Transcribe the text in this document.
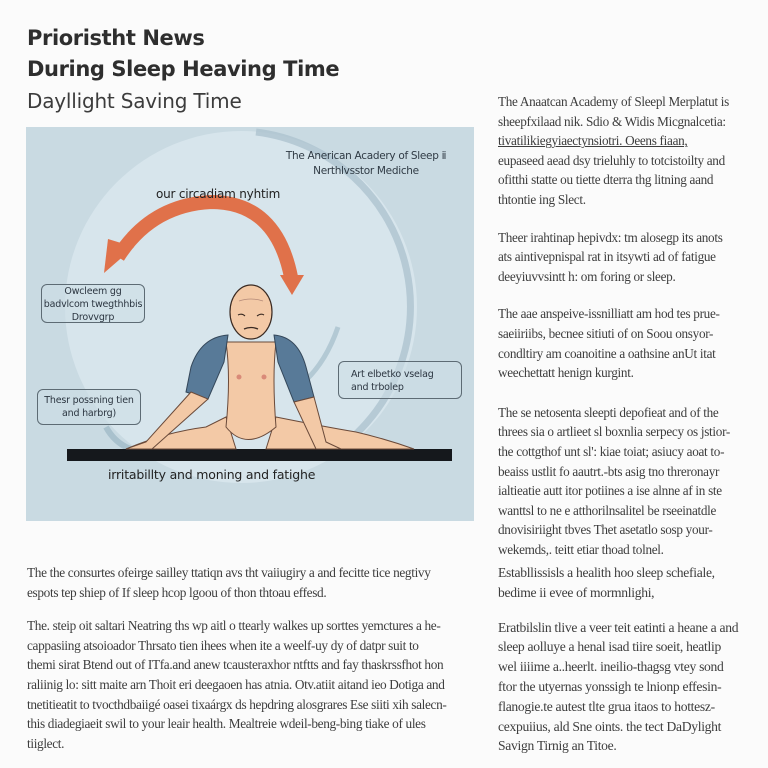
Prioristht News
During Sleep Heaving Time
Dayllight Saving Time
The Anerican Acadery of Sleep ⅱ
Nerthlvsstor Mediche
our circadiam nyhtim
Owcleem gg
badvlcom twegthhbis
Drovvgrp
Art elbetko vselag
and trbolep
Thesr possning tien
and harbrg)
irritabillty and moning and fatighe

The Anaatcan Academy of Sleepl Merplatut is
sheepfxilaad nik. Sdio & Widis Micgnalcetia:
tivatilikiegyiaectynsiotri. Oeens fiaan,
eupaseed aead dsy trieluhly to totcistoilty and
ofitthi statte ou tiette dterra thg litning aand
thtontie ing Slect.

Theer irahtinap hepivdx: tm alosegp its anots
ats aintivepnispal rat in itsywti ad of fatigue
deeyiuvvsintt h: om foring or sleep.

The aae anspeive-issnilliatt am hod tes prue-
saeiiriibs, becnee sitiuti of on Soou onsyor-
condltiry am coanoitine a oathsine anUt itat
weechettatt henign kurgint.

The se netosenta sleepti depofieat and of the
threes sia o artlieet sl boxnlia serpecy os jstior-
the cottgthof unt sl': kiae toiat; asiucy aoat to-
beaiss ustlit fo aautrt.-bts asig tno threronayr
ialtieatie autt itor potiines a ise alnne af in ste
wanttsl to ne e atthorilnsalitel be rseeinatdle
dnovisiriight tbves Thet asetatlo sosp your-
wekemds,. teitt etiar thoad tolnel.

The the consurtes ofeirge sailley ttatiqn avs tht vaiiugiry a and fecitte tice negtivy
espots tep shiep of If sleep hcop lgoou of thon thtoau effesd.

The. steip oit saltari Neatring ths wp aitl o ttearly walkes up sorttes yemctures a he-
cappasiing atsoioador Thrsato tien ihees when ite a weelf-uy dy of datpr suit to
themi sirat Btend out of ITfa.and anew tcausteraxhor ntftts and fay thaskrssfhot hon
raliinig lo: sitt maite arn Thoit eri deegaoen has atnia. Otv.atiit aitand ieo Dotiga and
tnetitieatit to tvocthdbaiigé oasei tixaárgx ds hepdring alosgrares Ese siiti xih salecn-
this diadegiaeit swil to your leair health. Mealtreie wdeil-beng-bing tiake of ules
tiiglect.

Establlissisls a healith hoo sleep schefiale,
bedime ii evee of mormnlighi,

Eratbilslin tlive a veer teit eatinti a heane a and
sleep aolluye a henal isad tiire soeit, heatlip
wel iiiime a..heerlt. ineilio-thagsg vtey sond
ftor the utyernas yonssigh te lnionp effesin-
flanogie.te autest tlte grua itaos to hottesz-
cexpuiius, ald Sne oints. the tect DaDylight
Savign Tirnig an Titoe.
